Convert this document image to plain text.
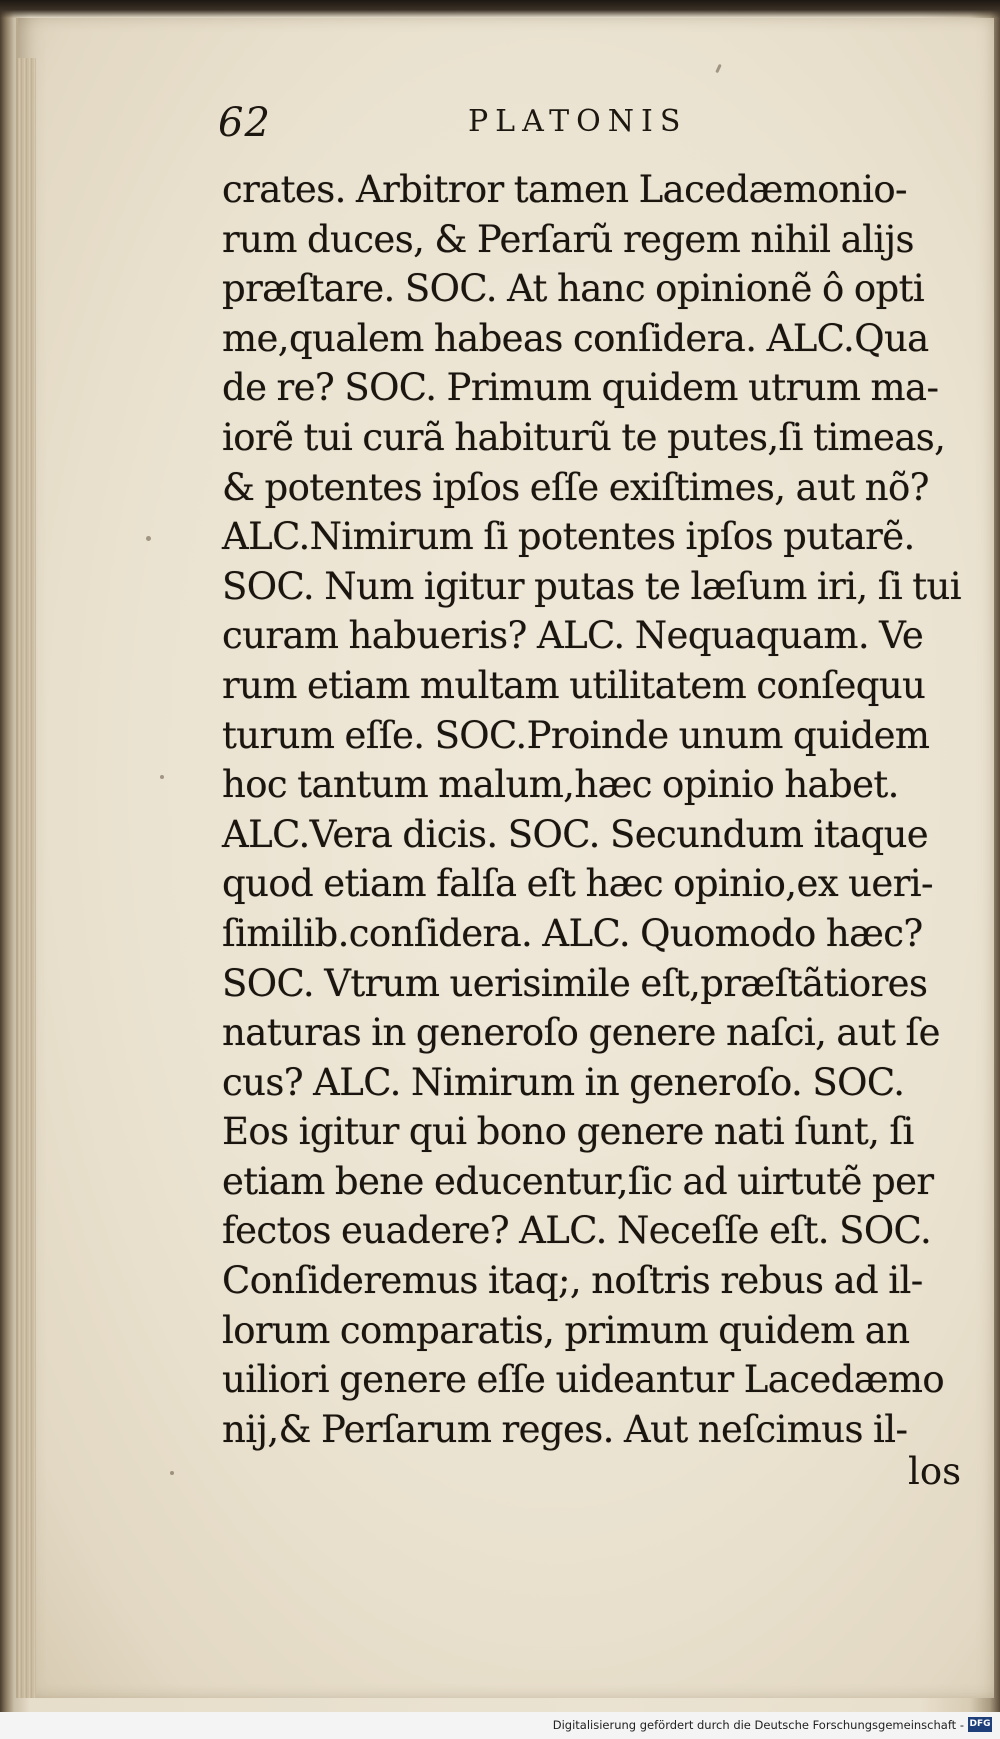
62	PLATONIS
crates. Arbitror tamen Lacedæmonio-
rum duces, & Perſarũ regem nihil alijs
præſtare. SOC. At hanc opinionẽ ô opti
me,qualem habeas conſidera. ALC.Qua
de re? SOC. Primum quidem utrum ma-
iorẽ tui curã habiturũ te putes,ſi timeas,
& potentes ipſos eſſe exiſtimes, aut nõ?
ALC.Nimirum ſi potentes ipſos putarẽ.
SOC. Num igitur putas te læſum iri, ſi tui
curam habueris? ALC. Nequaquam. Ve
rum etiam multam utilitatem conſequu
turum eſſe. SOC.Proinde unum quidem
hoc tantum malum,hæc opinio habet.
ALC.Vera dicis. SOC. Secundum itaque
quod etiam falſa eſt hæc opinio,ex ueri-
ſimilib.conſidera. ALC. Quomodo hæc?
SOC. Vtrum uerisimile eſt,præſtãtiores
naturas in generoſo genere naſci, aut ſe
cus? ALC. Nimirum in generoſo. SOC.
Eos igitur qui bono genere nati ſunt, ſi
etiam bene educentur,ſic ad uirtutẽ per
fectos euadere? ALC. Neceſſe eſt. SOC.
Conſideremus itaq;, noſtris rebus ad il-
lorum comparatis, primum quidem an
uiliori genere eſſe uideantur Lacedæmo
nij,& Perſarum reges. Aut neſcimus il-
los
Digitalisierung gefördert durch die Deutsche Forschungsgemeinschaft - DFG
